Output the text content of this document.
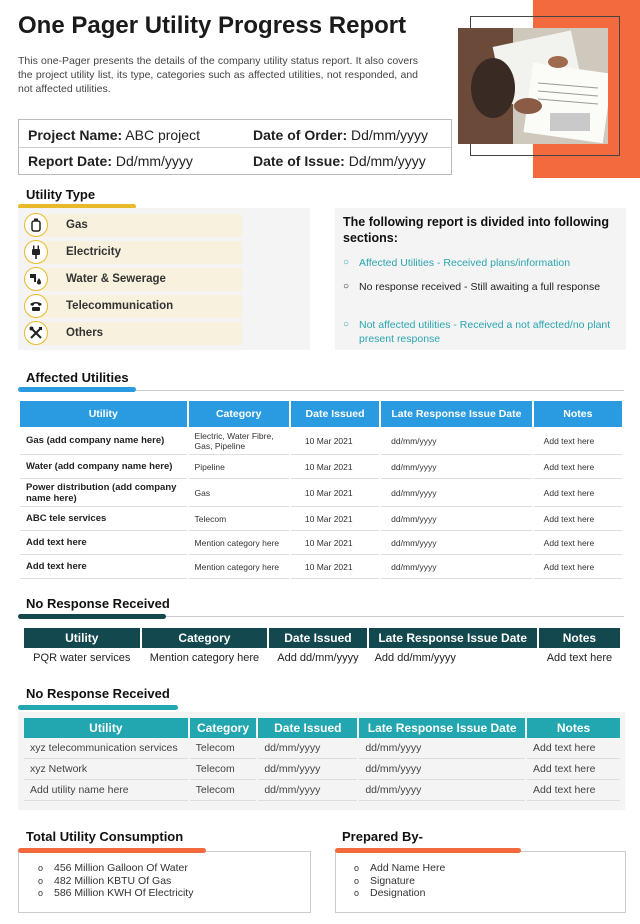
One Pager Utility Progress Report
This one-Pager presents the details of the company utility status report. It also covers the project utility list, its type, categories such as affected utilities, not responded, and not affected utilities.
Project Name: ABC project	Date of Order: Dd/mm/yyyy
Report Date: Dd/mm/yyyy	Date of Issue: Dd/mm/yyyy
Utility Type
Gas
Electricity
Water & Sewerage
Telecommunication
Others
The following report is divided into following sections:
○ Affected Utilities - Received plans/information
○ No response received - Still awaiting a full response
○ Not affected utilities - Received a not affected/no plant present response
Affected Utilities
Utility	Category	Date Issued	Late Response Issue Date	Notes
Gas (add company name here)	Electric, Water Fibre, Gas, Pipeline	10 Mar 2021	dd/mm/yyyy	Add text here
Water (add company name here)	Pipeline	10 Mar 2021	dd/mm/yyyy	Add text here
Power distribution (add company name here)	Gas	10 Mar 2021	dd/mm/yyyy	Add text here
ABC tele services	Telecom	10 Mar 2021	dd/mm/yyyy	Add text here
Add text here	Mention category here	10 Mar 2021	dd/mm/yyyy	Add text here
Add text here	Mention category here	10 Mar 2021	dd/mm/yyyy	Add text here
No Response Received
Utility	Category	Date Issued	Late Response Issue Date	Notes
PQR water services	Mention category here	Add dd/mm/yyyy	Add dd/mm/yyyy	Add text here
No Response Received
Utility	Category	Date Issued	Late Response Issue Date	Notes
xyz telecommunication services	Telecom	dd/mm/yyyy	dd/mm/yyyy	Add text here
xyz Network	Telecom	dd/mm/yyyy	dd/mm/yyyy	Add text here
Add utility name here	Telecom	dd/mm/yyyy	dd/mm/yyyy	Add text here
Total Utility Consumption
o 456 Million Galloon Of Water
o 482 Million KBTU Of Gas
o 586 Million KWH Of Electricity
Prepared By-
o Add Name Here
o Signature
o Designation
